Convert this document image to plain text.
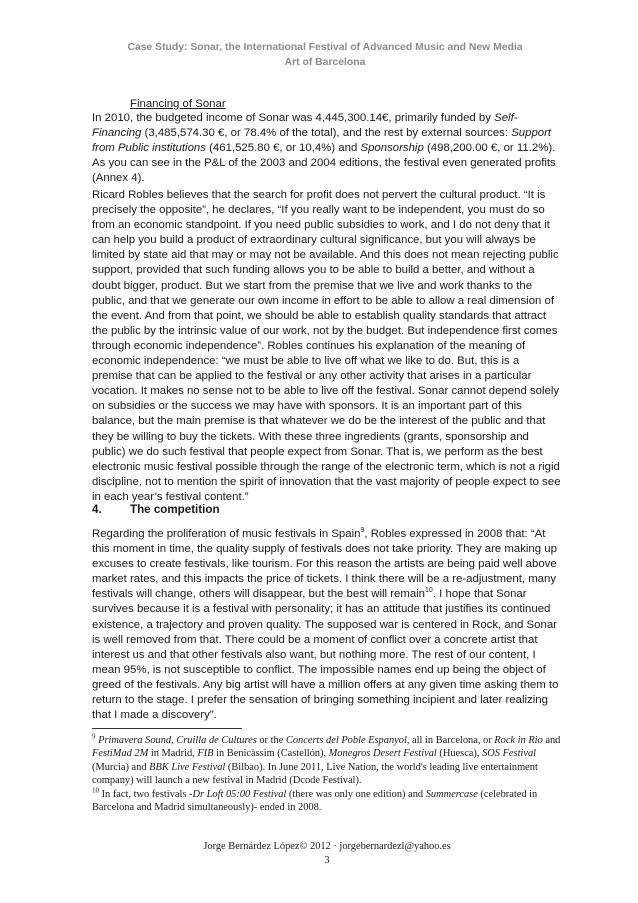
Case Study: Sonar, the International Festival of Advanced Music and New Media
Art of Barcelona
Financing of Sonar

In 2010, the budgeted income of Sonar was 4,445,300.14€, primarily funded by Self-Financing (3,485,574.30 €, or 78.4% of the total), and the rest by external sources: Support from Public institutions (461,525.80 €, or 10,4%) and Sponsorship (498,200.00 €, or 11.2%). As you can see in the P&L of the 2003 and 2004 editions, the festival even generated profits (Annex 4).

Ricard Robles believes that the search for profit does not pervert the cultural product. “It is precisely the opposite”, he declares, “If you really want to be independent, you must do so from an economic standpoint. If you need public subsidies to work, and I do not deny that it can help you build a product of extraordinary cultural significance, but you will always be limited by state aid that may or may not be available. And this does not mean rejecting public support, provided that such funding allows you to be able to build a better, and without a doubt bigger, product. But we start from the premise that we live and work thanks to the public, and that we generate our own income in effort to be able to allow a real dimension of the event. And from that point, we should be able to establish quality standards that attract the public by the intrinsic value of our work, not by the budget. But independence first comes through economic independence”. Robles continues his explanation of the meaning of economic independence: “we must be able to live off what we like to do. But, this is a premise that can be applied to the festival or any other activity that arises in a particular vocation. It makes no sense not to be able to live off the festival. Sonar cannot depend solely on subsidies or the success we may have with sponsors. It is an important part of this balance, but the main premise is that whatever we do be the interest of the public and that they be willing to buy the tickets. With these three ingredients (grants, sponsorship and public) we do such festival that people expect from Sonar. That is, we perform as the best electronic music festival possible through the range of the electronic term, which is not a rigid discipline, not to mention the spirit of innovation that the vast majority of people expect to see in each year’s festival content.”

4. The competition

Regarding the proliferation of music festivals in Spain$^9$, Robles expressed in 2008 that: “At this moment in time, the quality supply of festivals does not take priority. They are making up excuses to create festivals, like tourism. For this reason the artists are being paid well above market rates, and this impacts the price of tickets. I think there will be a re-adjustment, many festivals will change, others will disappear, but the best will remain$^{10}$. I hope that Sonar survives because it is a festival with personality; it has an attitude that justifies its continued existence, a trajectory and proven quality. The supposed war is centered in Rock, and Sonar is well removed from that. There could be a moment of conflict over a concrete artist that interest us and that other festivals also want, but nothing more. The rest of our content, I mean 95%, is not susceptible to conflict. The impossible names end up being the object of greed of the festivals. Any big artist will have a million offers at any given time asking them to return to the stage. I prefer the sensation of bringing something incipient and later realizing that I made a discovery”.

$^9$ Primavera Sound, Cruilla de Cultures or the Concerts del Poble Espanyol, all in Barcelona, or Rock in Rio and FestiMad 2M in Madrid, FIB in Benicàssim (Castellón), Monegros Desert Festival (Huesca), SOS Festival (Murcia) and BBK Live Festival (Bilbao). In June 2011, Live Nation, the world's leading live entertainment company) will launch a new festival in Madrid (Dcode Festival).

$^{10}$ In fact, two festivals -Dr Loft 05:00 Festival (there was only one edition) and Summercase (celebrated in Barcelona and Madrid simultaneously)- ended in 2008.

Jorge Bernárdez López© 2012 · jorgebernardezl@yahoo.es
3
